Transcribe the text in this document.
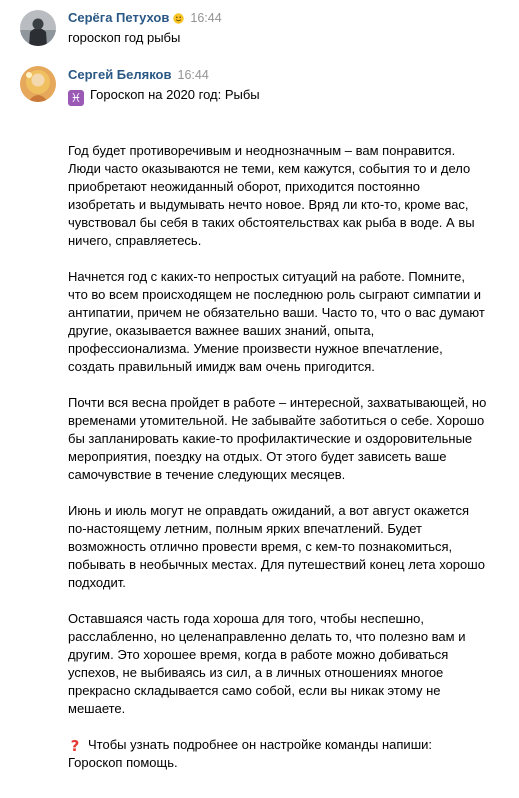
Серёга Петухов 16:44
гороскоп год рыбы
Сергей Беляков 16:44

♓ Гороскоп на 2020 год: Рыбы

Год будет противоречивым и неоднозначным – вам понравится. Люди часто оказываются не теми, кем кажутся, события то и дело приобретают неожиданный оборот, приходится постоянно изобретать и выдумывать нечто новое. Вряд ли кто-то, кроме вас, чувствовал бы себя в таких обстоятельствах как рыба в воде. А вы ничего, справляетесь.

Начнется год с каких-то непростых ситуаций на работе. Помните, что во всем происходящем не последнюю роль сыграют симпатии и антипатии, причем не обязательно ваши. Часто то, что о вас думают другие, оказывается важнее ваших знаний, опыта, профессионализма. Умение произвести нужное впечатление, создать правильный имидж вам очень пригодится.

Почти вся весна пройдет в работе – интересной, захватывающей, но временами утомительной. Не забывайте заботиться о себе. Хорошо бы запланировать какие-то профилактические и оздоровительные мероприятия, поездку на отдых. От этого будет зависеть ваше самочувствие в течение следующих месяцев.

Июнь и июль могут не оправдать ожиданий, а вот август окажется по-настоящему летним, полным ярких впечатлений. Будет возможность отлично провести время, с кем-то познакомиться, побывать в необычных местах. Для путешествий конец лета хорошо подходит.

Оставшаяся часть года хороша для того, чтобы неспешно, расслабленно, но целенаправленно делать то, что полезно вам и другим. Это хорошее время, когда в работе можно добиваться успехов, не выбиваясь из сил, а в личных отношениях многое прекрасно складывается само собой, если вы никак этому не мешаете.

? Чтобы узнать подробнее он настройке команды напиши: Гороскоп помощь.
